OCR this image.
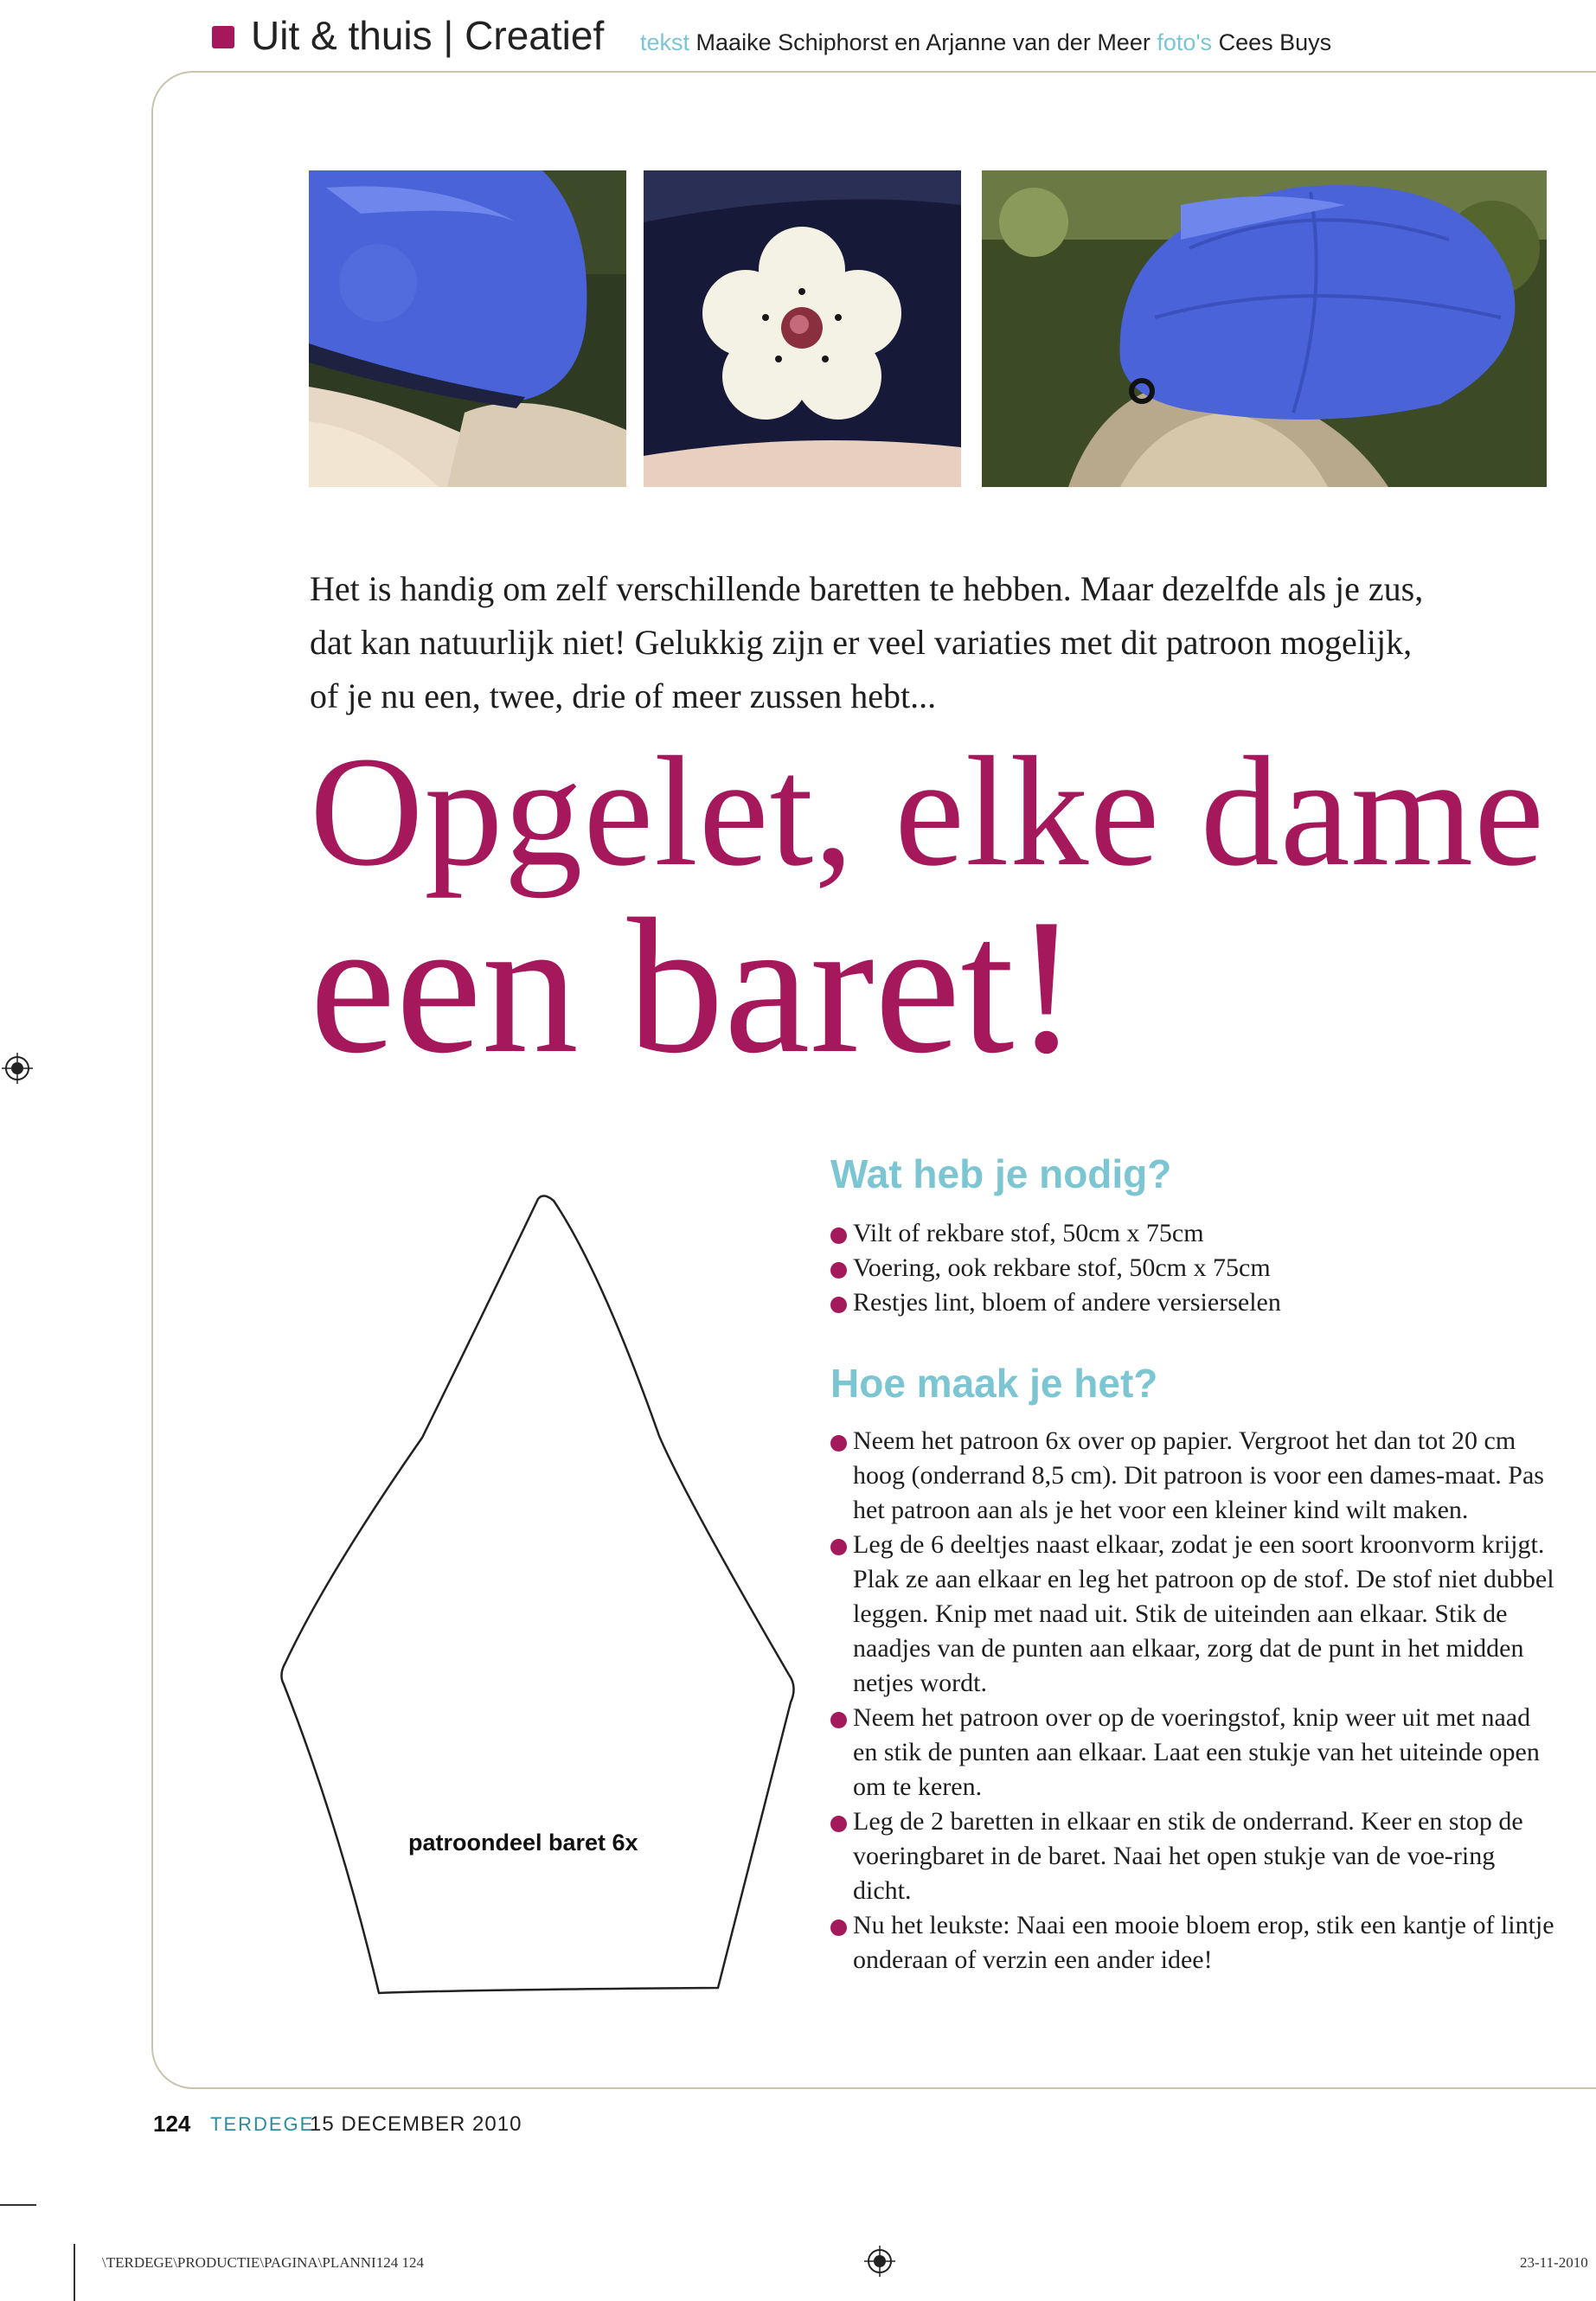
Uit & thuis | Creatief tekst Maaike Schiphorst en Arjanne van der Meer foto's Cees Buys
Het is handig om zelf verschillende baretten te hebben. Maar dezelfde als je zus, dat kan natuurlijk niet! Gelukkig zijn er veel variaties met dit patroon mogelijk, of je nu een, twee, drie of meer zussen hebt...
Opgelet, elke dame
een baret!
patroondeel baret 6x
Wat heb je nodig?
Vilt of rekbare stof, 50cm x 75cm
Voering, ook rekbare stof, 50cm x 75cm
Restjes lint, bloem of andere versierselen
Hoe maak je het?
Neem het patroon 6x over op papier. Vergroot het dan tot 20 cm hoog (onderrand 8,5 cm). Dit patroon is voor een dames-maat. Pas het patroon aan als je het voor een kleiner kind wilt maken.
Leg de 6 deeltjes naast elkaar, zodat je een soort kroonvorm krijgt. Plak ze aan elkaar en leg het patroon op de stof. De stof niet dubbel leggen. Knip met naad uit. Stik de uiteinden aan elkaar. Stik de naadjes van de punten aan elkaar, zorg dat de punt in het midden netjes wordt.
Neem het patroon over op de voeringstof, knip weer uit met naad en stik de punten aan elkaar. Laat een stukje van het uiteinde open om te keren.
Leg de 2 baretten in elkaar en stik de onderrand. Keer en stop de voeringbaret in de baret. Naai het open stukje van de voe-ring dicht.
Nu het leukste: Naai een mooie bloem erop, stik een kantje of lintje onderaan of verzin een ander idee!
124 TERDEGE
15 DECEMBER 2010
\TERDEGE\PRODUCTIE\PAGINA\PLANNI124 124	23-11-2010
